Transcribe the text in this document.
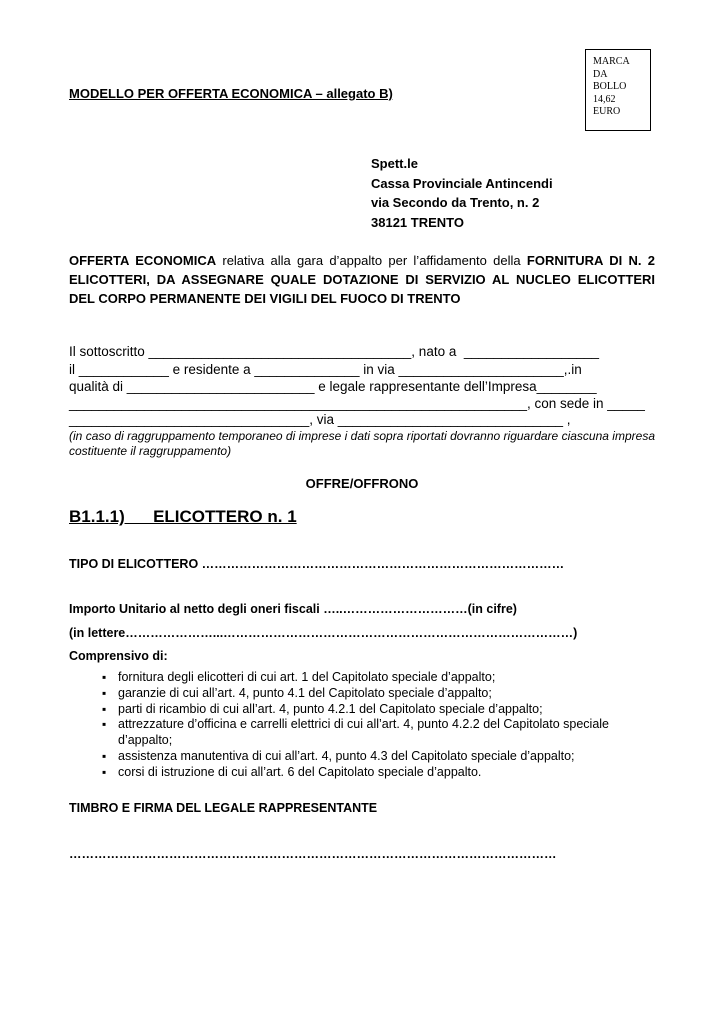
MARCA
DA
BOLLO
14,62
EURO
MODELLO PER OFFERTA ECONOMICA – allegato B)
Spett.le
Cassa Provinciale Antincendi
via Secondo da Trento, n. 2
38121 TRENTO
OFFERTA ECONOMICA relativa alla gara d’appalto per l’affidamento della FORNITURA DI N. 2 ELICOTTERI, DA ASSEGNARE QUALE DOTAZIONE DI SERVIZIO AL NUCLEO ELICOTTERI DEL CORPO PERMANENTE DEI VIGILI DEL FUOCO DI TRENTO
Il sottoscritto ___________________________________, nato a  __________________
il ____________ e residente a ______________ in via ______________________,.in
qualità di _________________________ e legale rappresentante dell’Impresa________
_____________________________________________________________, con sede in _____
________________________________, via ______________________________ ,
(in caso di raggruppamento temporaneo di imprese i dati sopra riportati dovranno riguardare ciascuna impresa costituente il raggruppamento)
OFFRE/OFFRONO
B1.1.1)      ELICOTTERO n. 1
TIPO DI ELICOTTERO ……………………………………………………………………………
Importo Unitario al netto degli oneri fiscali …..…………………………(in cifre)
(in lettere…………………...…………………………………………………………………………)
Comprensivo di:
▪ fornitura degli elicotteri di cui art. 1 del Capitolato speciale d’appalto;
▪ garanzie di cui all’art. 4, punto 4.1 del Capitolato speciale d’appalto;
▪ parti di ricambio di cui all’art. 4, punto 4.2.1 del Capitolato speciale d’appalto;
▪ attrezzature d’officina e carrelli elettrici di cui all’art. 4, punto 4.2.2 del Capitolato speciale d’appalto;
▪ assistenza manutentiva di cui all’art. 4, punto 4.3 del Capitolato speciale d’appalto;
▪ corsi di istruzione di cui all’art. 6 del Capitolato speciale d’appalto.
TIMBRO E FIRMA DEL LEGALE RAPPRESENTANTE
………………………………………………………………………………………………………
